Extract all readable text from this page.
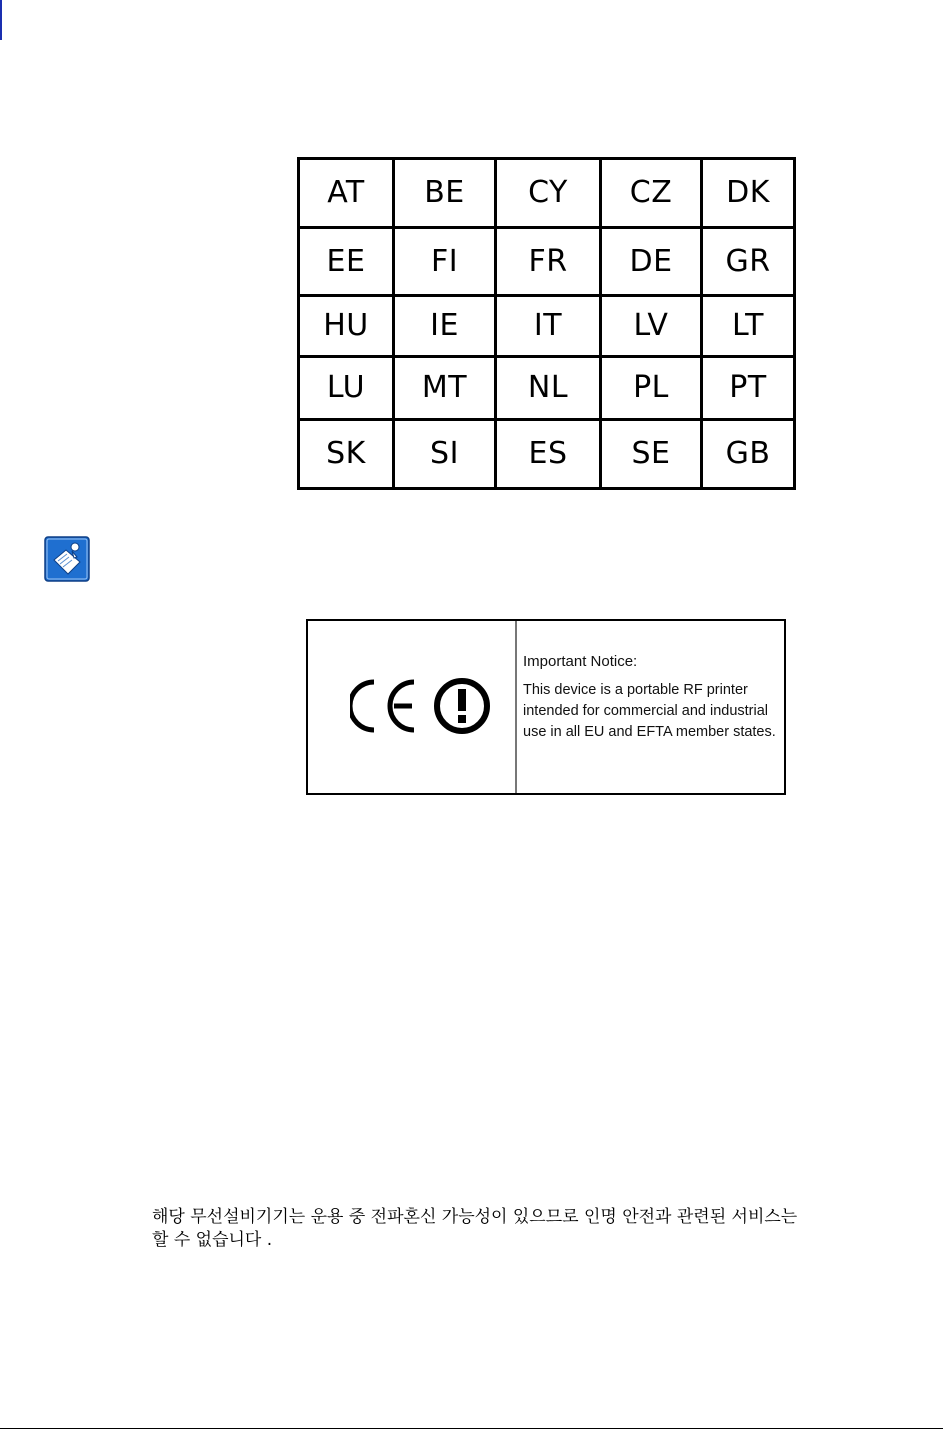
AT	BE	CY	CZ	DK
EE	FI	FR	DE	GR
HU	IE	IT	LV	LT
LU	MT	NL	PL	PT
SK	SI	ES	SE	GB
Important Notice:
This device is a portable RF printer
intended for commercial and industrial
use in all EU and EFTA member states.
해당 무선설비기기는 운용 중 전파혼신 가능성이 있으므로 인명 안전과 관련된 서비스는
할 수 없습니다 .
